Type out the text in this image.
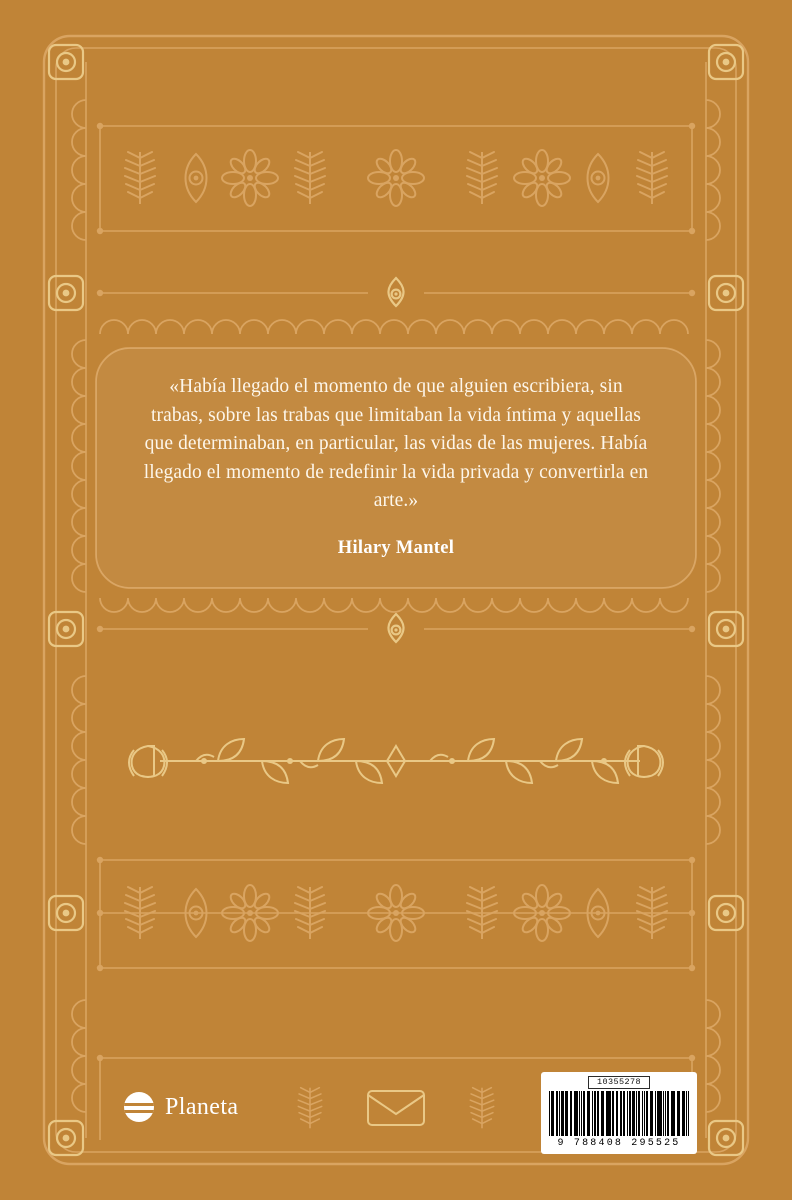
«Había llegado el momento de que alguien escribiera, sin trabas, sobre las trabas que limitaban la vida íntima y aquellas que determinaban, en particular, las vidas de las mujeres. Había llegado el momento de redefinir la vida privada y convertirla en arte.»
Hilary Mantel
Planeta
10355278
9 788408 295525
